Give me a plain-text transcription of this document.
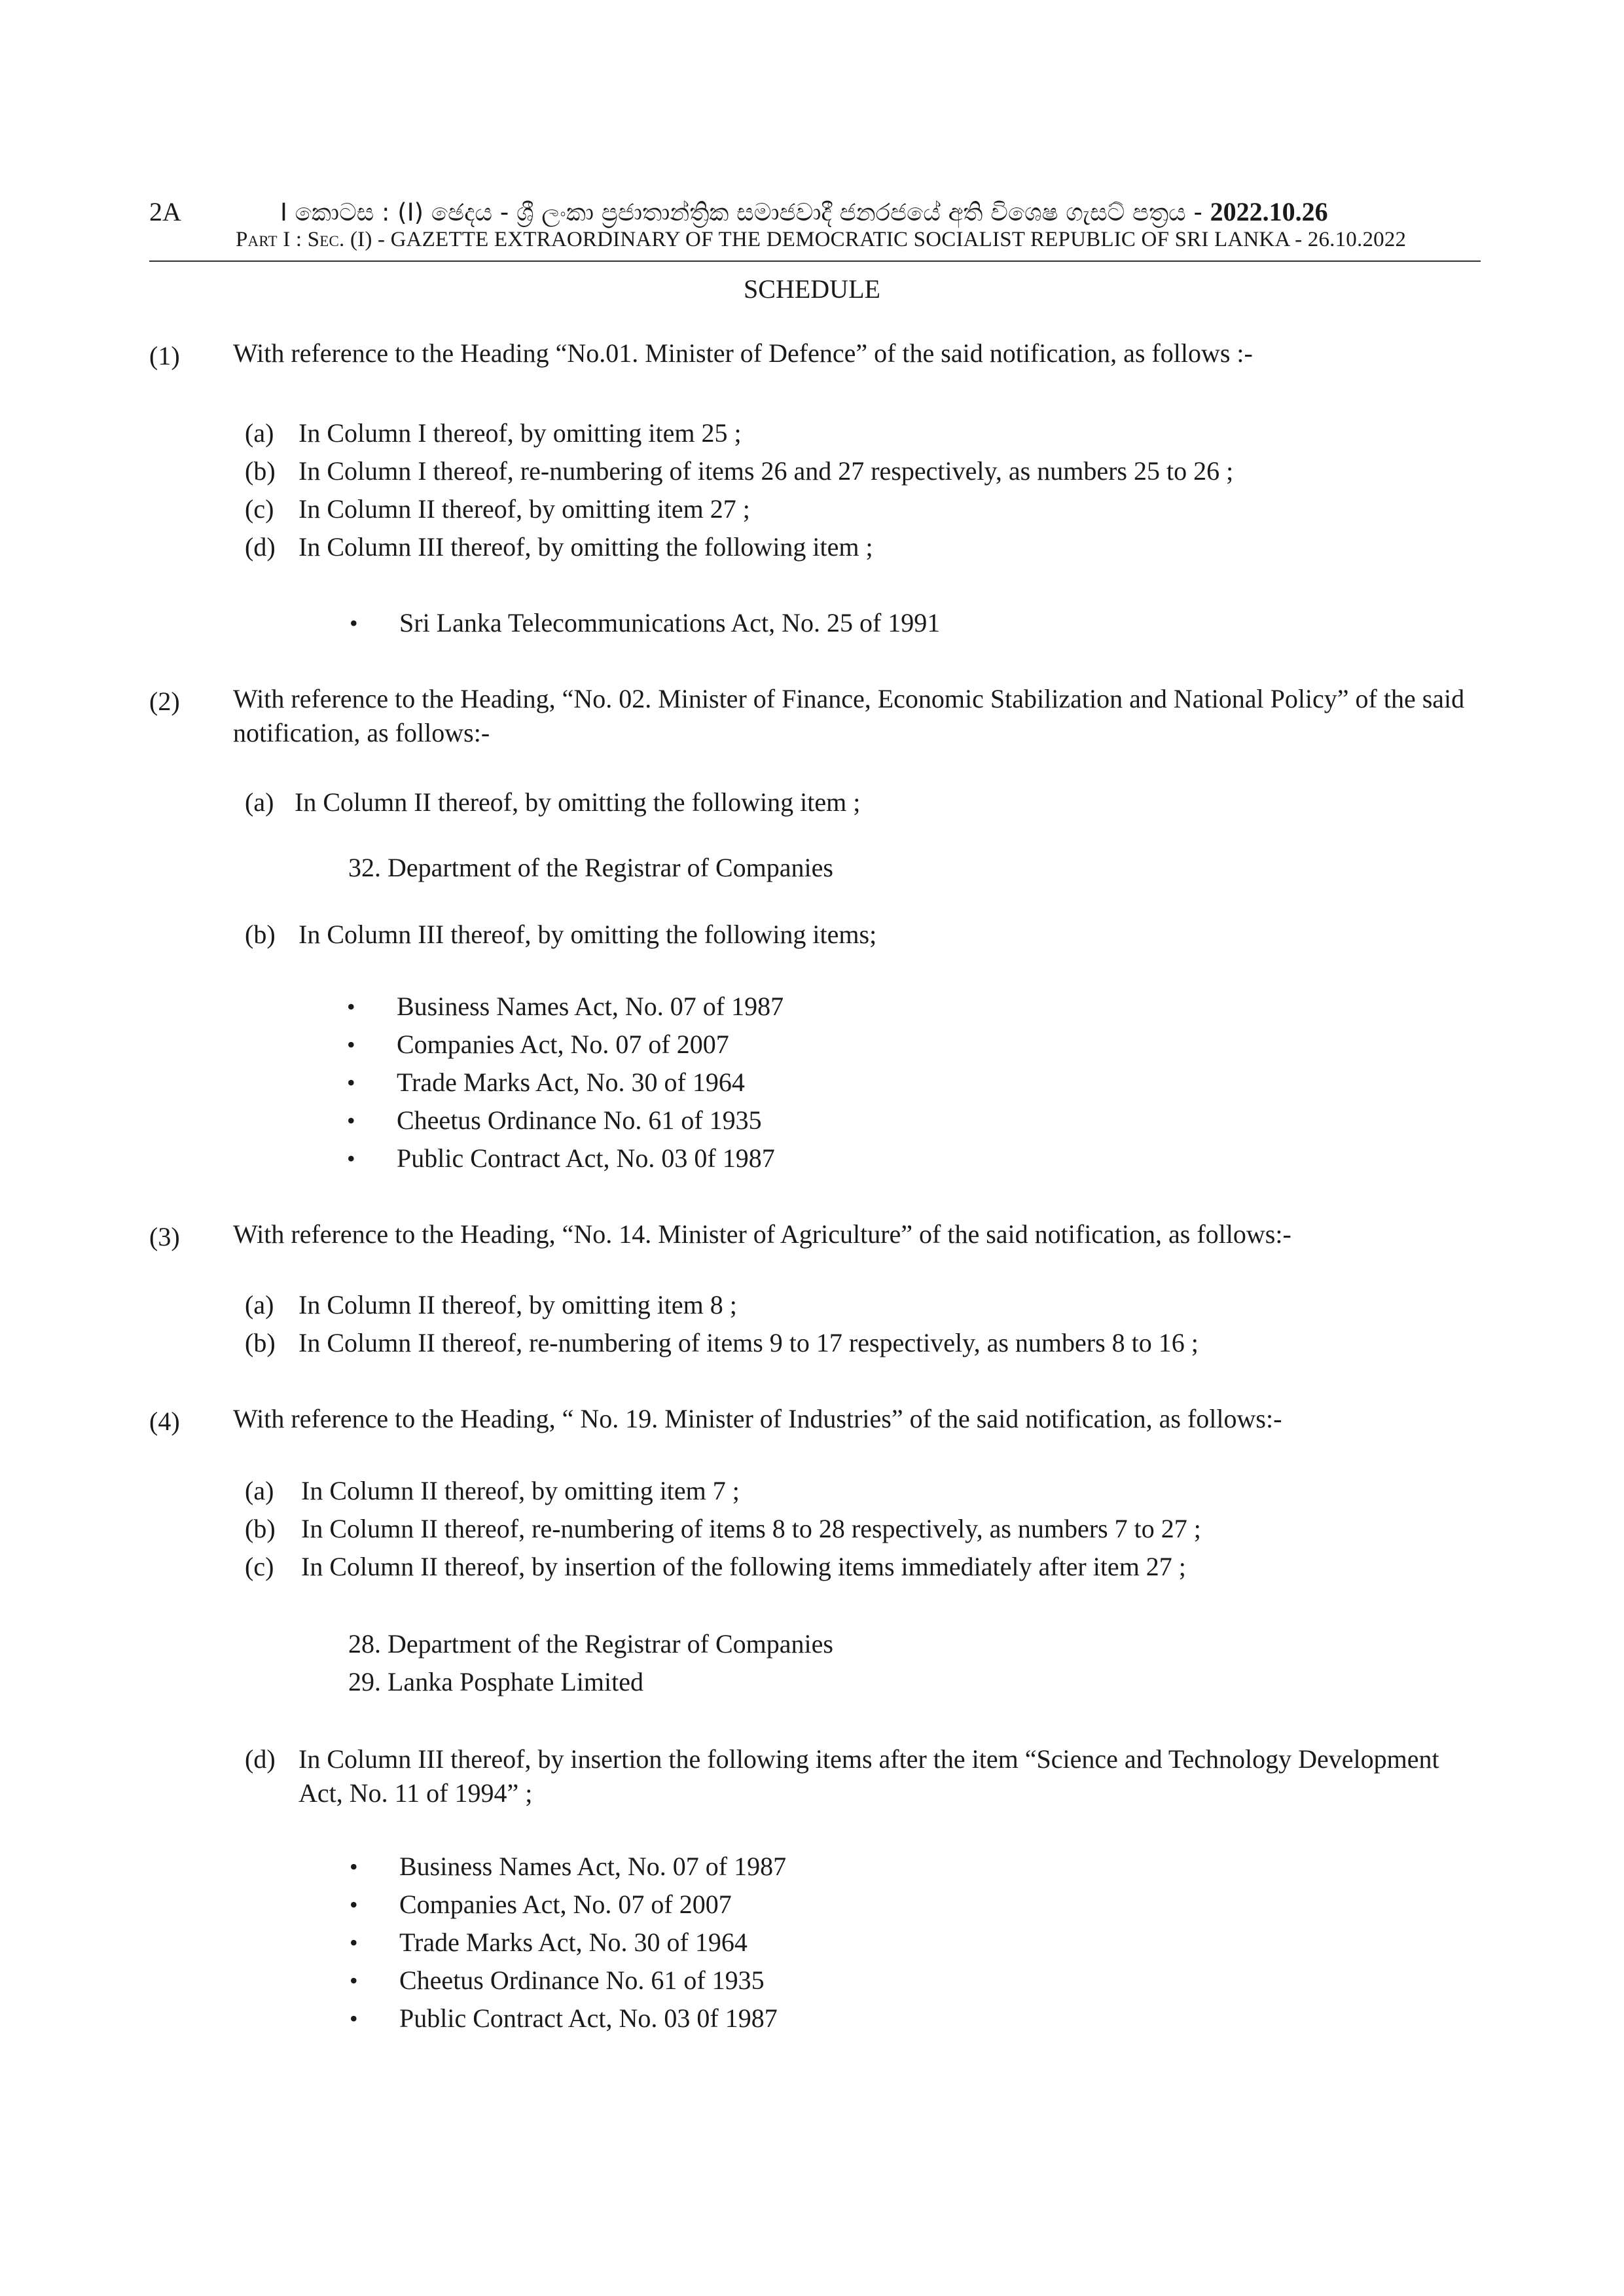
2A	I කොටස : (I) ඡෙදය - ශ්‍රී ලංකා ප්‍රජාතාන්ත්‍රික සමාජවාදී ජනරජයේ අති විශෙෂ ගැසට් පත්‍රය - 2022.10.26
Part I : Sec. (I) - GAZETTE EXTRAORDINARY OF THE DEMOCRATIC SOCIALIST REPUBLIC OF SRI LANKA - 26.10.2022
SCHEDULE
(1) With reference to the Heading “No.01. Minister of Defence” of the said notification, as follows :-
(a) In Column I thereof, by omitting item 25 ;
(b) In Column I thereof, re-numbering of items 26 and 27 respectively, as numbers 25 to 26 ;
(c) In Column II thereof, by omitting item 27 ;
(d) In Column III thereof, by omitting the following item ;
• Sri Lanka Telecommunications Act, No. 25 of 1991
(2) With reference to the Heading, “No. 02. Minister of Finance, Economic Stabilization and National Policy” of the said
notification, as follows:-
(a) In Column II thereof, by omitting the following item ;
32. Department of the Registrar of Companies
(b) In Column III thereof, by omitting the following items;
• Business Names Act, No. 07 of 1987
• Companies Act, No. 07 of 2007
• Trade Marks Act, No. 30 of 1964
• Cheetus Ordinance No. 61 of 1935
• Public Contract Act, No. 03 0f 1987
(3) With reference to the Heading, “No. 14. Minister of Agriculture” of the said notification, as follows:-
(a) In Column II thereof, by omitting item 8 ;
(b) In Column II thereof, re-numbering of items 9 to 17 respectively, as numbers 8 to 16 ;
(4) With reference to the Heading, “ No. 19. Minister of Industries” of the said notification, as follows:-
(a) In Column II thereof, by omitting item 7 ;
(b) In Column II thereof, re-numbering of items 8 to 28 respectively, as numbers 7 to 27 ;
(c) In Column II thereof, by insertion of the following items immediately after item 27 ;
28. Department of the Registrar of Companies
29. Lanka Posphate Limited
(d) In Column III thereof, by insertion the following items after the item “Science and Technology Development
Act, No. 11 of 1994” ;
• Business Names Act, No. 07 of 1987
• Companies Act, No. 07 of 2007
• Trade Marks Act, No. 30 of 1964
• Cheetus Ordinance No. 61 of 1935
• Public Contract Act, No. 03 0f 1987
